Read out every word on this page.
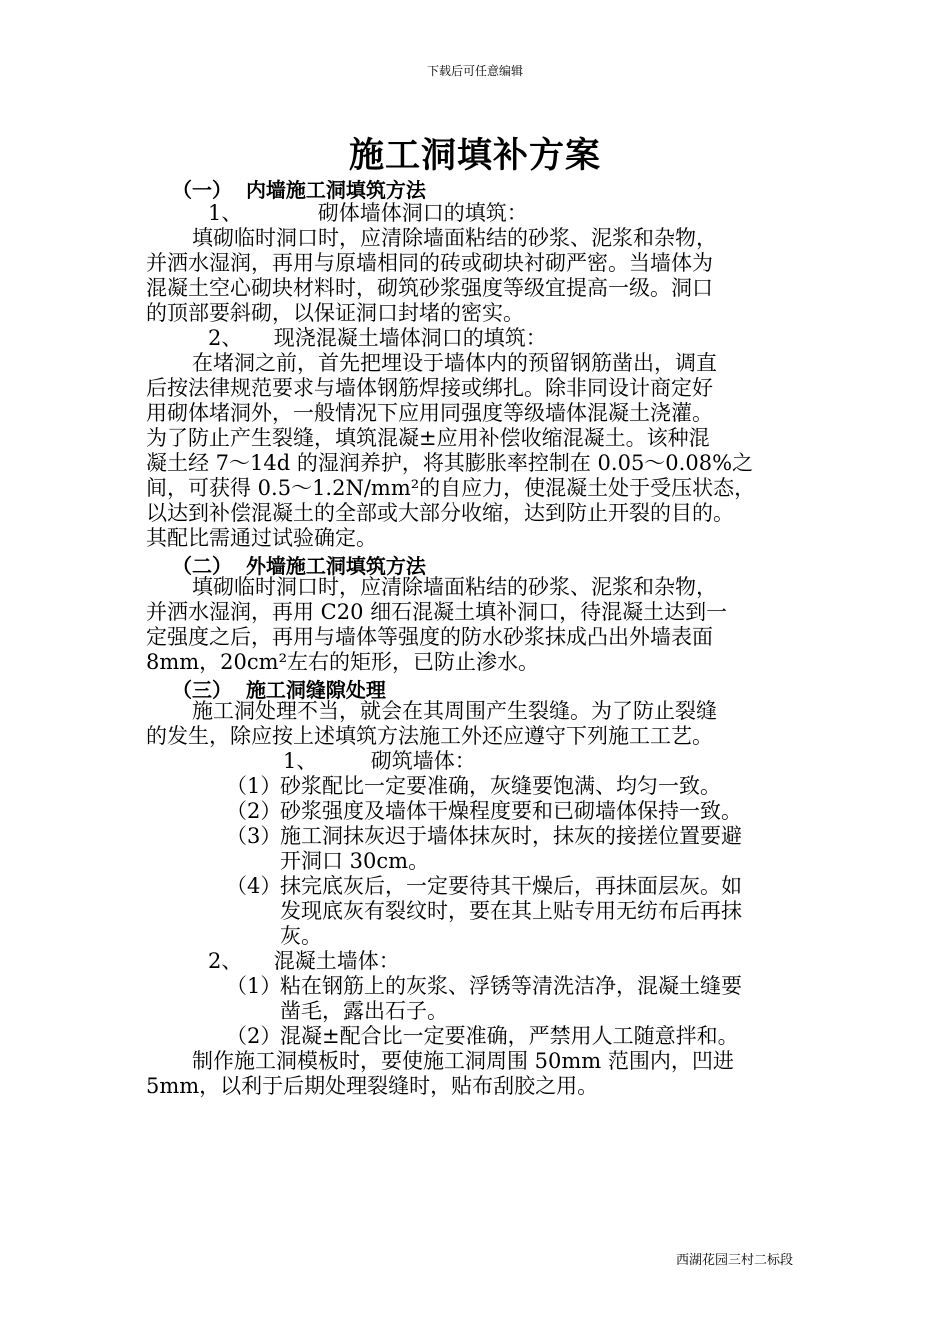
下载后可任意编辑
施工洞填补方案
（一） 内墙施工洞填筑方法
1、	砌体墙体洞口的填筑：
填砌临时洞口时，应清除墙面粘结的砂浆、泥浆和杂物，
并洒水湿润，再用与原墙相同的砖或砌块衬砌严密。当墙体为
混凝土空心砌块材料时，砌筑砂浆强度等级宜提高一级。洞口
的顶部要斜砌，以保证洞口封堵的密实。
2、 现浇混凝土墙体洞口的填筑：
在堵洞之前，首先把埋设于墙体内的预留钢筋凿出，调直
后按法律规范要求与墙体钢筋焊接或绑扎。除非同设计商定好
用砌体堵洞外，一般情况下应用同强度等级墙体混凝土浇灌。
为了防止产生裂缝，填筑混凝±应用补偿收缩混凝土。该种混
凝土经 7～14d 的湿润养护，将其膨胀率控制在 0.05～0.08%之
间，可获得 0.5～1.2N/mm²的自应力，使混凝土处于受压状态，
以达到补偿混凝土的全部或大部分收缩，达到防止开裂的目的。
其配比需通过试验确定。
（二） 外墙施工洞填筑方法
填砌临时洞口时，应清除墙面粘结的砂浆、泥浆和杂物，
并洒水湿润，再用 C20 细石混凝土填补洞口，待混凝土达到一
定强度之后，再用与墙体等强度的防水砂浆抹成凸出外墙表面
8mm，20cm²左右的矩形，已防止渗水。
（三） 施工洞缝隙处理
施工洞处理不当，就会在其周围产生裂缝。为了防止裂缝
的发生，除应按上述填筑方法施工外还应遵守下列施工工艺。
1、	砌筑墙体：
（1）砂浆配比一定要准确，灰缝要饱满、均匀一致。
（2）砂浆强度及墙体干燥程度要和已砌墙体保持一致。
（3）施工洞抹灰迟于墙体抹灰时，抹灰的接搓位置要避
开洞口 30cm。
（4）抹完底灰后，一定要待其干燥后，再抹面层灰。如
发现底灰有裂纹时，要在其上贴专用无纺布后再抹
灰。
2、 混凝土墙体：
（1）粘在钢筋上的灰浆、浮锈等清洗洁净，混凝土缝要
凿毛，露出石子。
（2）混凝±配合比一定要准确，严禁用人工随意拌和。
制作施工洞模板时，要使施工洞周围 50mm 范围内，凹进
5mm，以利于后期处理裂缝时，贴布刮胶之用。
西湖花园三村二标段
